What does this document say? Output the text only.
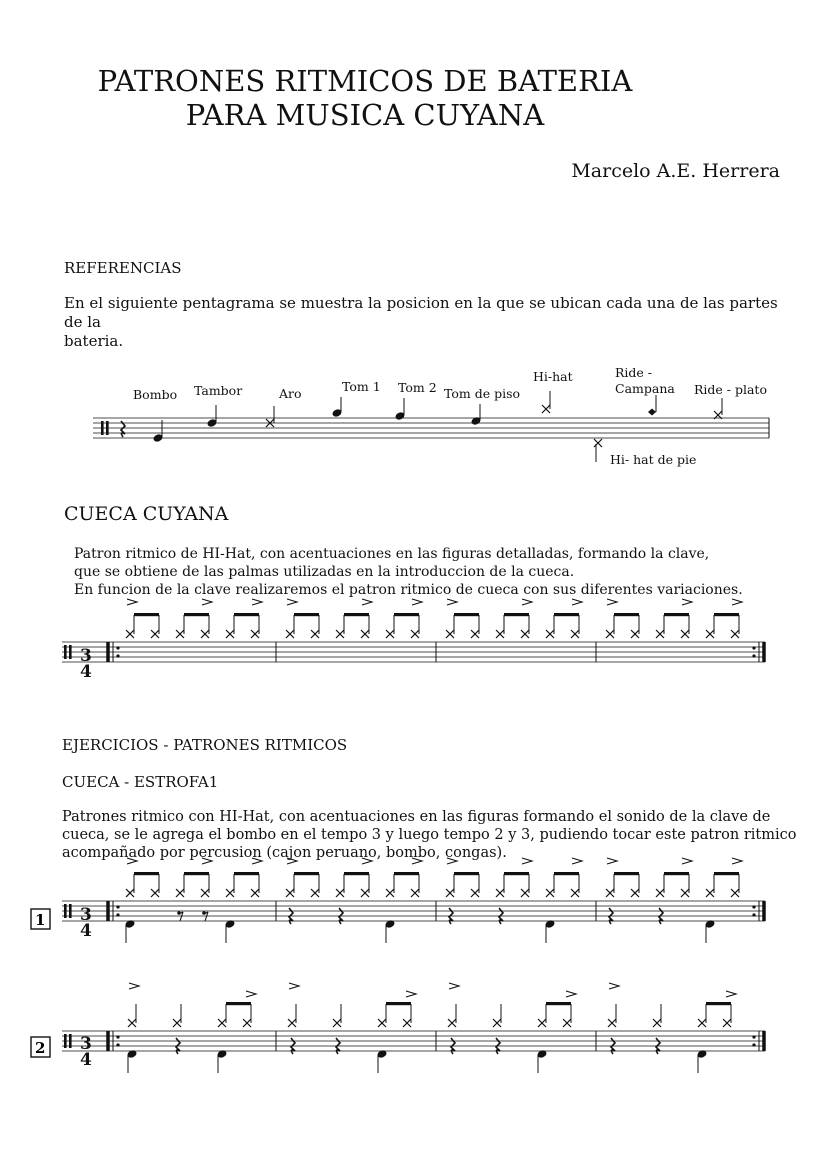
PATRONES RITMICOS DE BATERIA
PARA MUSICA CUYANA
Marcelo A.E. Herrera
REFERENCIAS
En el siguiente pentagrama se muestra la posicion en la que se ubican cada una de las partes de la
bateria.
CUECA CUYANA
Patron ritmico de HI-Hat, con acentuaciones en las figuras detalladas, formando la clave,
que se obtiene de las palmas utilizadas en la introduccion de la cueca.
En funcion de la clave realizaremos el patron ritmico de cueca con sus diferentes variaciones.
EJERCICIOS - PATRONES RITMICOS
CUECA - ESTROFA1
Patrones ritmico con HI-Hat, con acentuaciones en las figuras formando el sonido de la clave de
cueca, se le agrega el bombo en el tempo 3 y luego tempo 2 y 3, pudiendo tocar este patron ritmico
acompañado por percusion (cajon peruano, bombo, congas).
Bombo Tambor	Aro	Tom 1 Tom 2 Tom de piso
Hi-hat	Ride -
Campana Ride - plato
Hi- hat de pie
3
4
3
4
3
4
1
2
